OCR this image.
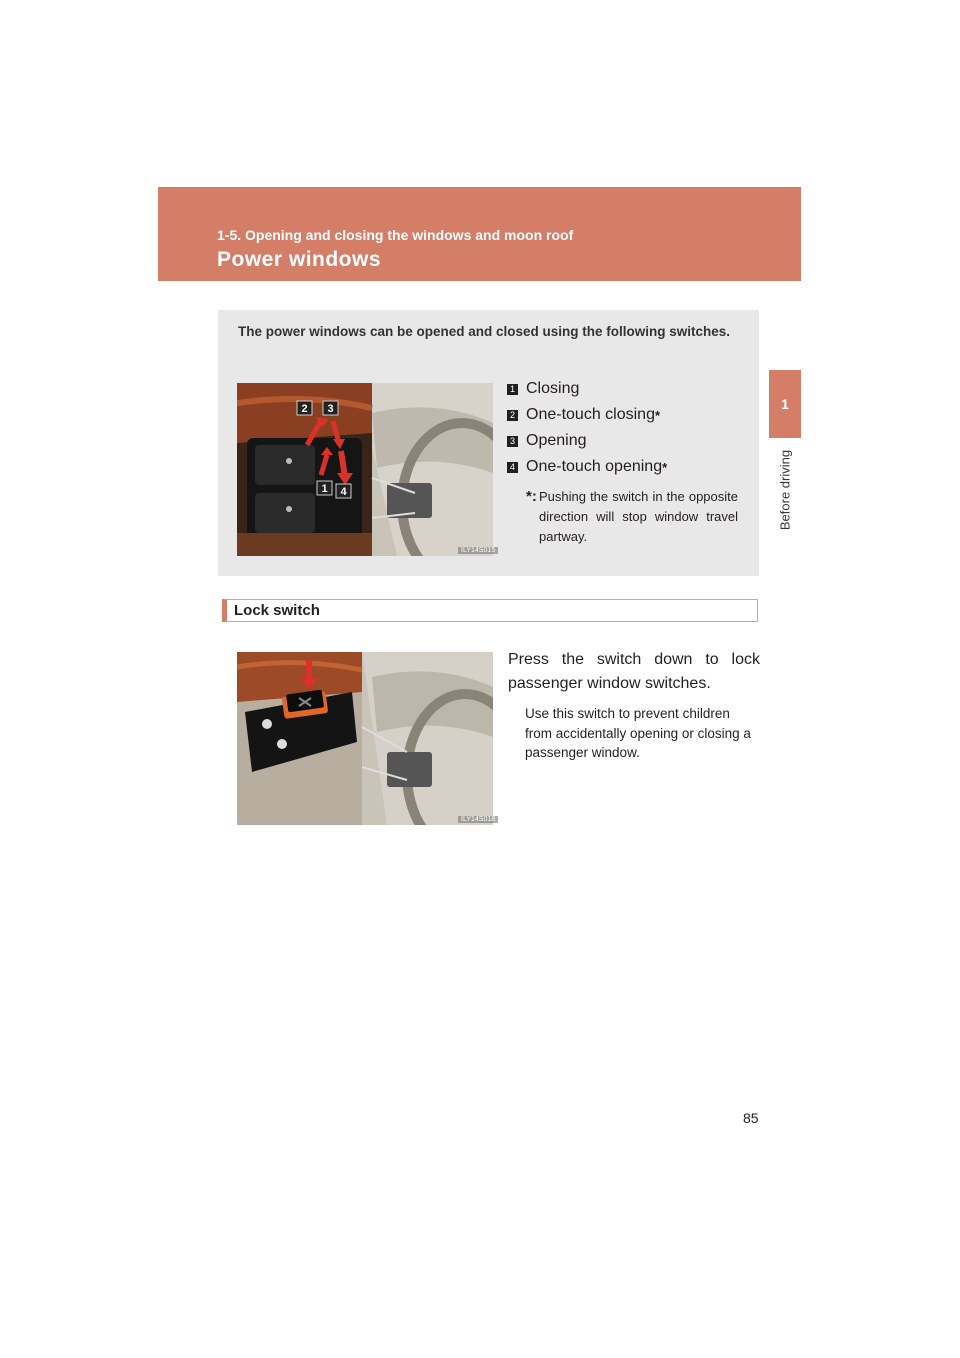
1-5. Opening and closing the windows and moon roof

Power windows
1
Before driving

The power windows can be opened and closed using the following switches.

2 3
1 4
ILY14S015
1 Closing
2 One-touch closing *
3 Opening
4 One-touch opening *
*: Pushing the switch in the opposite direction will stop window travel partway.
Lock switch
ILY14S018

Press the switch down to lock passenger window switches.

Use this switch to prevent children from accidentally opening or closing a passenger window.

85
